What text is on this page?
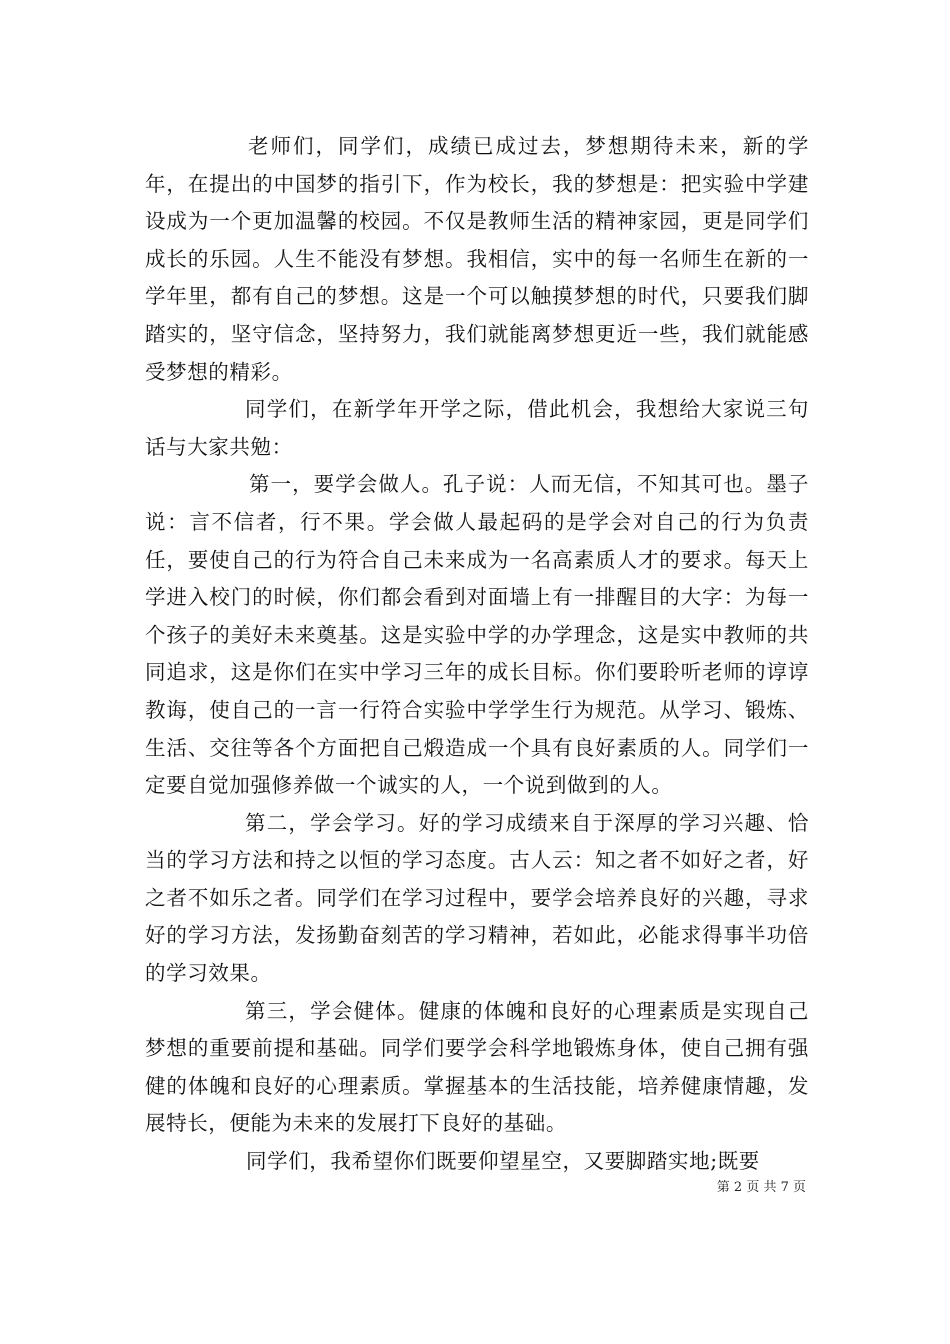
老师们，同学们，成绩已成过去，梦想期待未来，新的学年，在提出的中国梦的指引下，作为校长，我的梦想是：把实验中学建设成为一个更加温馨的校园。不仅是教师生活的精神家园，更是同学们成长的乐园。人生不能没有梦想。我相信，实中的每一名师生在新的一学年里，都有自己的梦想。这是一个可以触摸梦想的时代，只要我们脚踏实的，坚守信念，坚持努力，我们就能离梦想更近一些，我们就能感受梦想的精彩。

同学们，在新学年开学之际，借此机会，我想给大家说三句话与大家共勉：

第一，要学会做人。孔子说：人而无信，不知其可也。墨子说：言不信者，行不果。学会做人最起码的是学会对自己的行为负责任，要使自己的行为符合自己未来成为一名高素质人才的要求。每天上学进入校门的时候，你们都会看到对面墙上有一排醒目的大字：为每一个孩子的美好未来奠基。这是实验中学的办学理念，这是实中教师的共同追求，这是你们在实中学习三年的成长目标。你们要聆听老师的谆谆教诲，使自己的一言一行符合实验中学学生行为规范。从学习、锻炼、生活、交往等各个方面把自己煅造成一个具有良好素质的人。同学们一定要自觉加强修养做一个诚实的人，一个说到做到的人。

第二，学会学习。好的学习成绩来自于深厚的学习兴趣、恰当的学习方法和持之以恒的学习态度。古人云：知之者不如好之者，好之者不如乐之者。同学们在学习过程中，要学会培养良好的兴趣，寻求好的学习方法，发扬勤奋刻苦的学习精神，若如此，必能求得事半功倍的学习效果。

第三，学会健体。健康的体魄和良好的心理素质是实现自己梦想的重要前提和基础。同学们要学会科学地锻炼身体，使自己拥有强健的体魄和良好的心理素质。掌握基本的生活技能，培养健康情趣，发展特长，便能为未来的发展打下良好的基础。

同学们，我希望你们既要仰望星空，又要脚踏实地;既要

第 2 页 共 7 页
